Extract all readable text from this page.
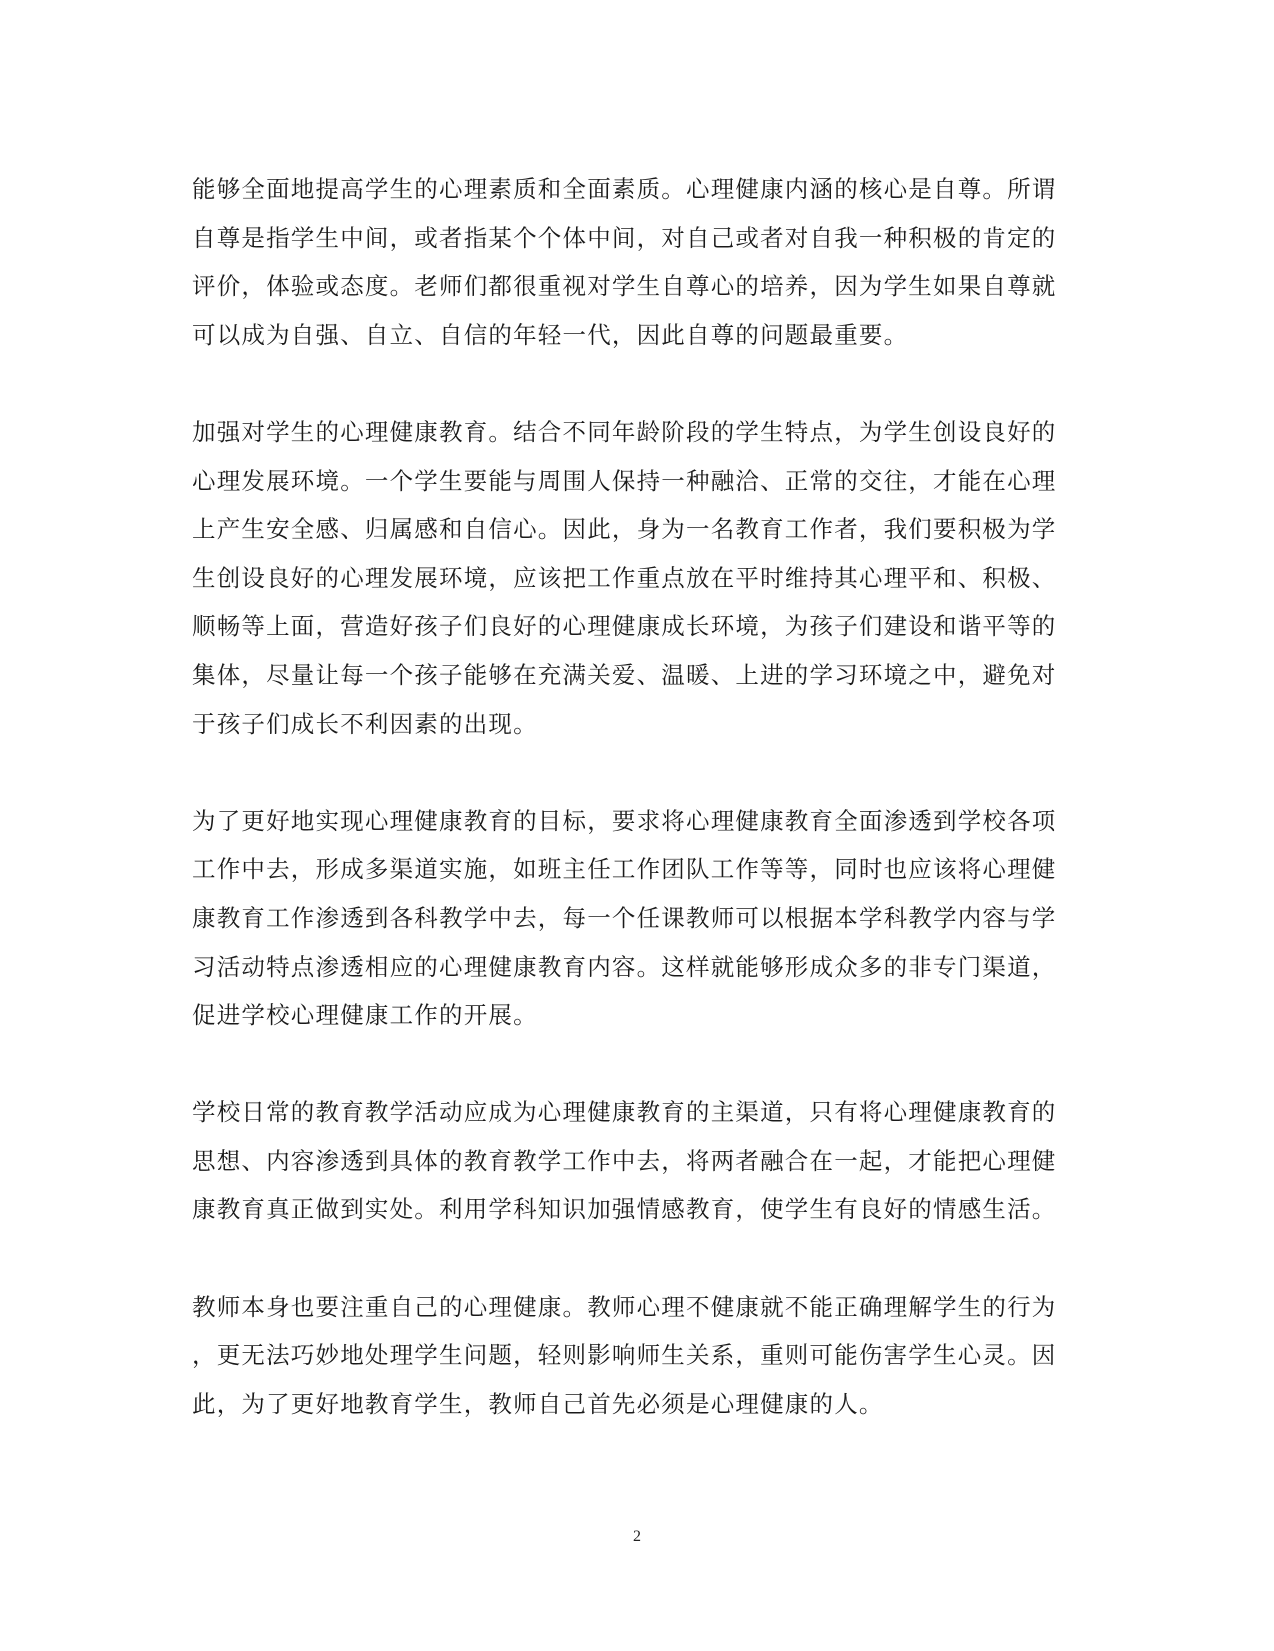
能够全面地提高学生的心理素质和全面素质。心理健康内涵的核心是自尊。所谓
自尊是指学生中间，或者指某个个体中间，对自己或者对自我一种积极的肯定的
评价，体验或态度。老师们都很重视对学生自尊心的培养，因为学生如果自尊就
可以成为自强、自立、自信的年轻一代，因此自尊的问题最重要。
加强对学生的心理健康教育。结合不同年龄阶段的学生特点，为学生创设良好的
心理发展环境。一个学生要能与周围人保持一种融洽、正常的交往，才能在心理
上产生安全感、归属感和自信心。因此，身为一名教育工作者，我们要积极为学
生创设良好的心理发展环境，应该把工作重点放在平时维持其心理平和、积极、
顺畅等上面，营造好孩子们良好的心理健康成长环境，为孩子们建设和谐平等的
集体，尽量让每一个孩子能够在充满关爱、温暖、上进的学习环境之中，避免对
于孩子们成长不利因素的出现。
为了更好地实现心理健康教育的目标，要求将心理健康教育全面渗透到学校各项
工作中去，形成多渠道实施，如班主任工作团队工作等等，同时也应该将心理健
康教育工作渗透到各科教学中去，每一个任课教师可以根据本学科教学内容与学
习活动特点渗透相应的心理健康教育内容。这样就能够形成众多的非专门渠道，
促进学校心理健康工作的开展。
学校日常的教育教学活动应成为心理健康教育的主渠道，只有将心理健康教育的
思想、内容渗透到具体的教育教学工作中去，将两者融合在一起，才能把心理健
康教育真正做到实处。利用学科知识加强情感教育，使学生有良好的情感生活。
教师本身也要注重自己的心理健康。教师心理不健康就不能正确理解学生的行为
，更无法巧妙地处理学生问题，轻则影响师生关系，重则可能伤害学生心灵。因
此，为了更好地教育学生，教师自己首先必须是心理健康的人。
2
